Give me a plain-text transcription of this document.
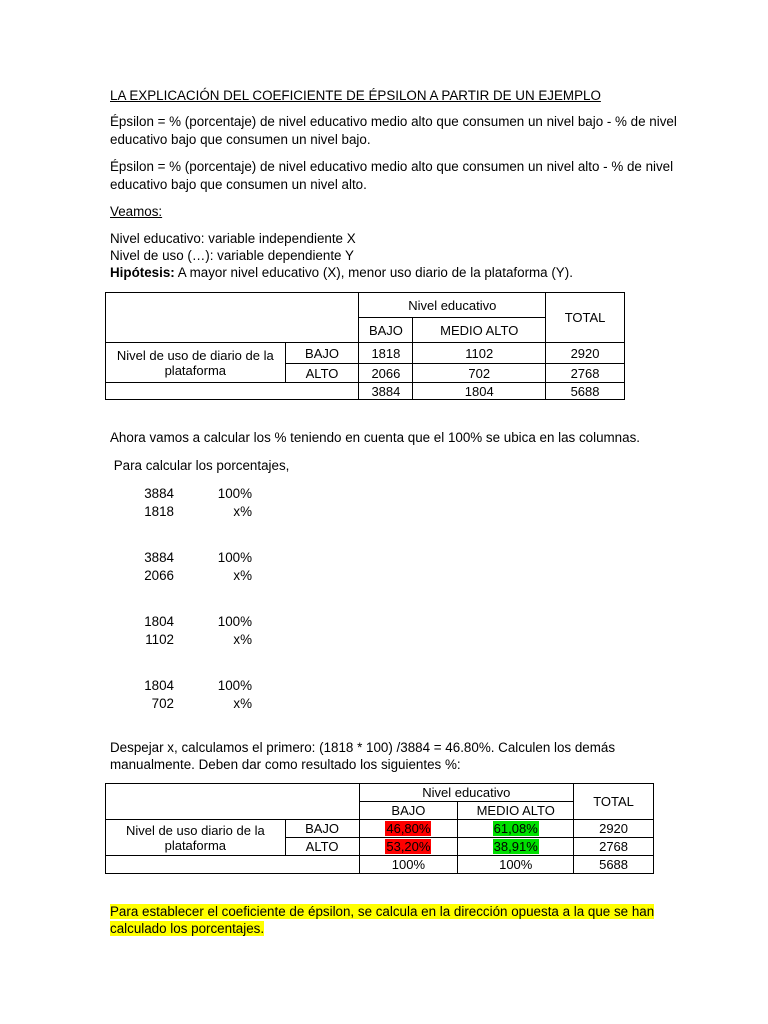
LA EXPLICACIÓN DEL COEFICIENTE DE ÉPSILON A PARTIR DE UN EJEMPLO
Épsilon = % (porcentaje) de nivel educativo medio alto que consumen un nivel bajo - % de nivel
educativo bajo que consumen un nivel bajo.
Épsilon = % (porcentaje) de nivel educativo medio alto que consumen un nivel alto - % de nivel
educativo bajo que consumen un nivel alto.
Veamos:
Nivel educativo: variable independiente X
Nivel de uso (…): variable dependiente Y
Hipótesis: A mayor nivel educativo (X), menor uso diario de la plataforma (Y).
		Nivel educativo		TOTAL
		BAJO	MEDIO ALTO	
Nivel de uso de diario de la plataforma	BAJO	1818	1102	2920
	ALTO	2066	702	2768
		3884	1804	5688
Ahora vamos a calcular los % teniendo en cuenta que el 100% se ubica en las columnas.
Para calcular los porcentajes,
3884	100%
1818	x%
3884	100%
2066	x%
1804	100%
1102	x%
1804	100%
702	x%
Despejar x, calculamos el primero: (1818 * 100) /3884 = 46.80%. Calculen los demás
manualmente. Deben dar como resultado los siguientes %:
		Nivel educativo		TOTAL
		BAJO	MEDIO ALTO	
Nivel de uso diario de la plataforma	BAJO	46,80%	61,08%	2920
	ALTO	53,20%	38,91%	2768
		100%	100%	5688
Para establecer el coeficiente de épsilon, se calcula en la dirección opuesta a la que se han
calculado los porcentajes.
